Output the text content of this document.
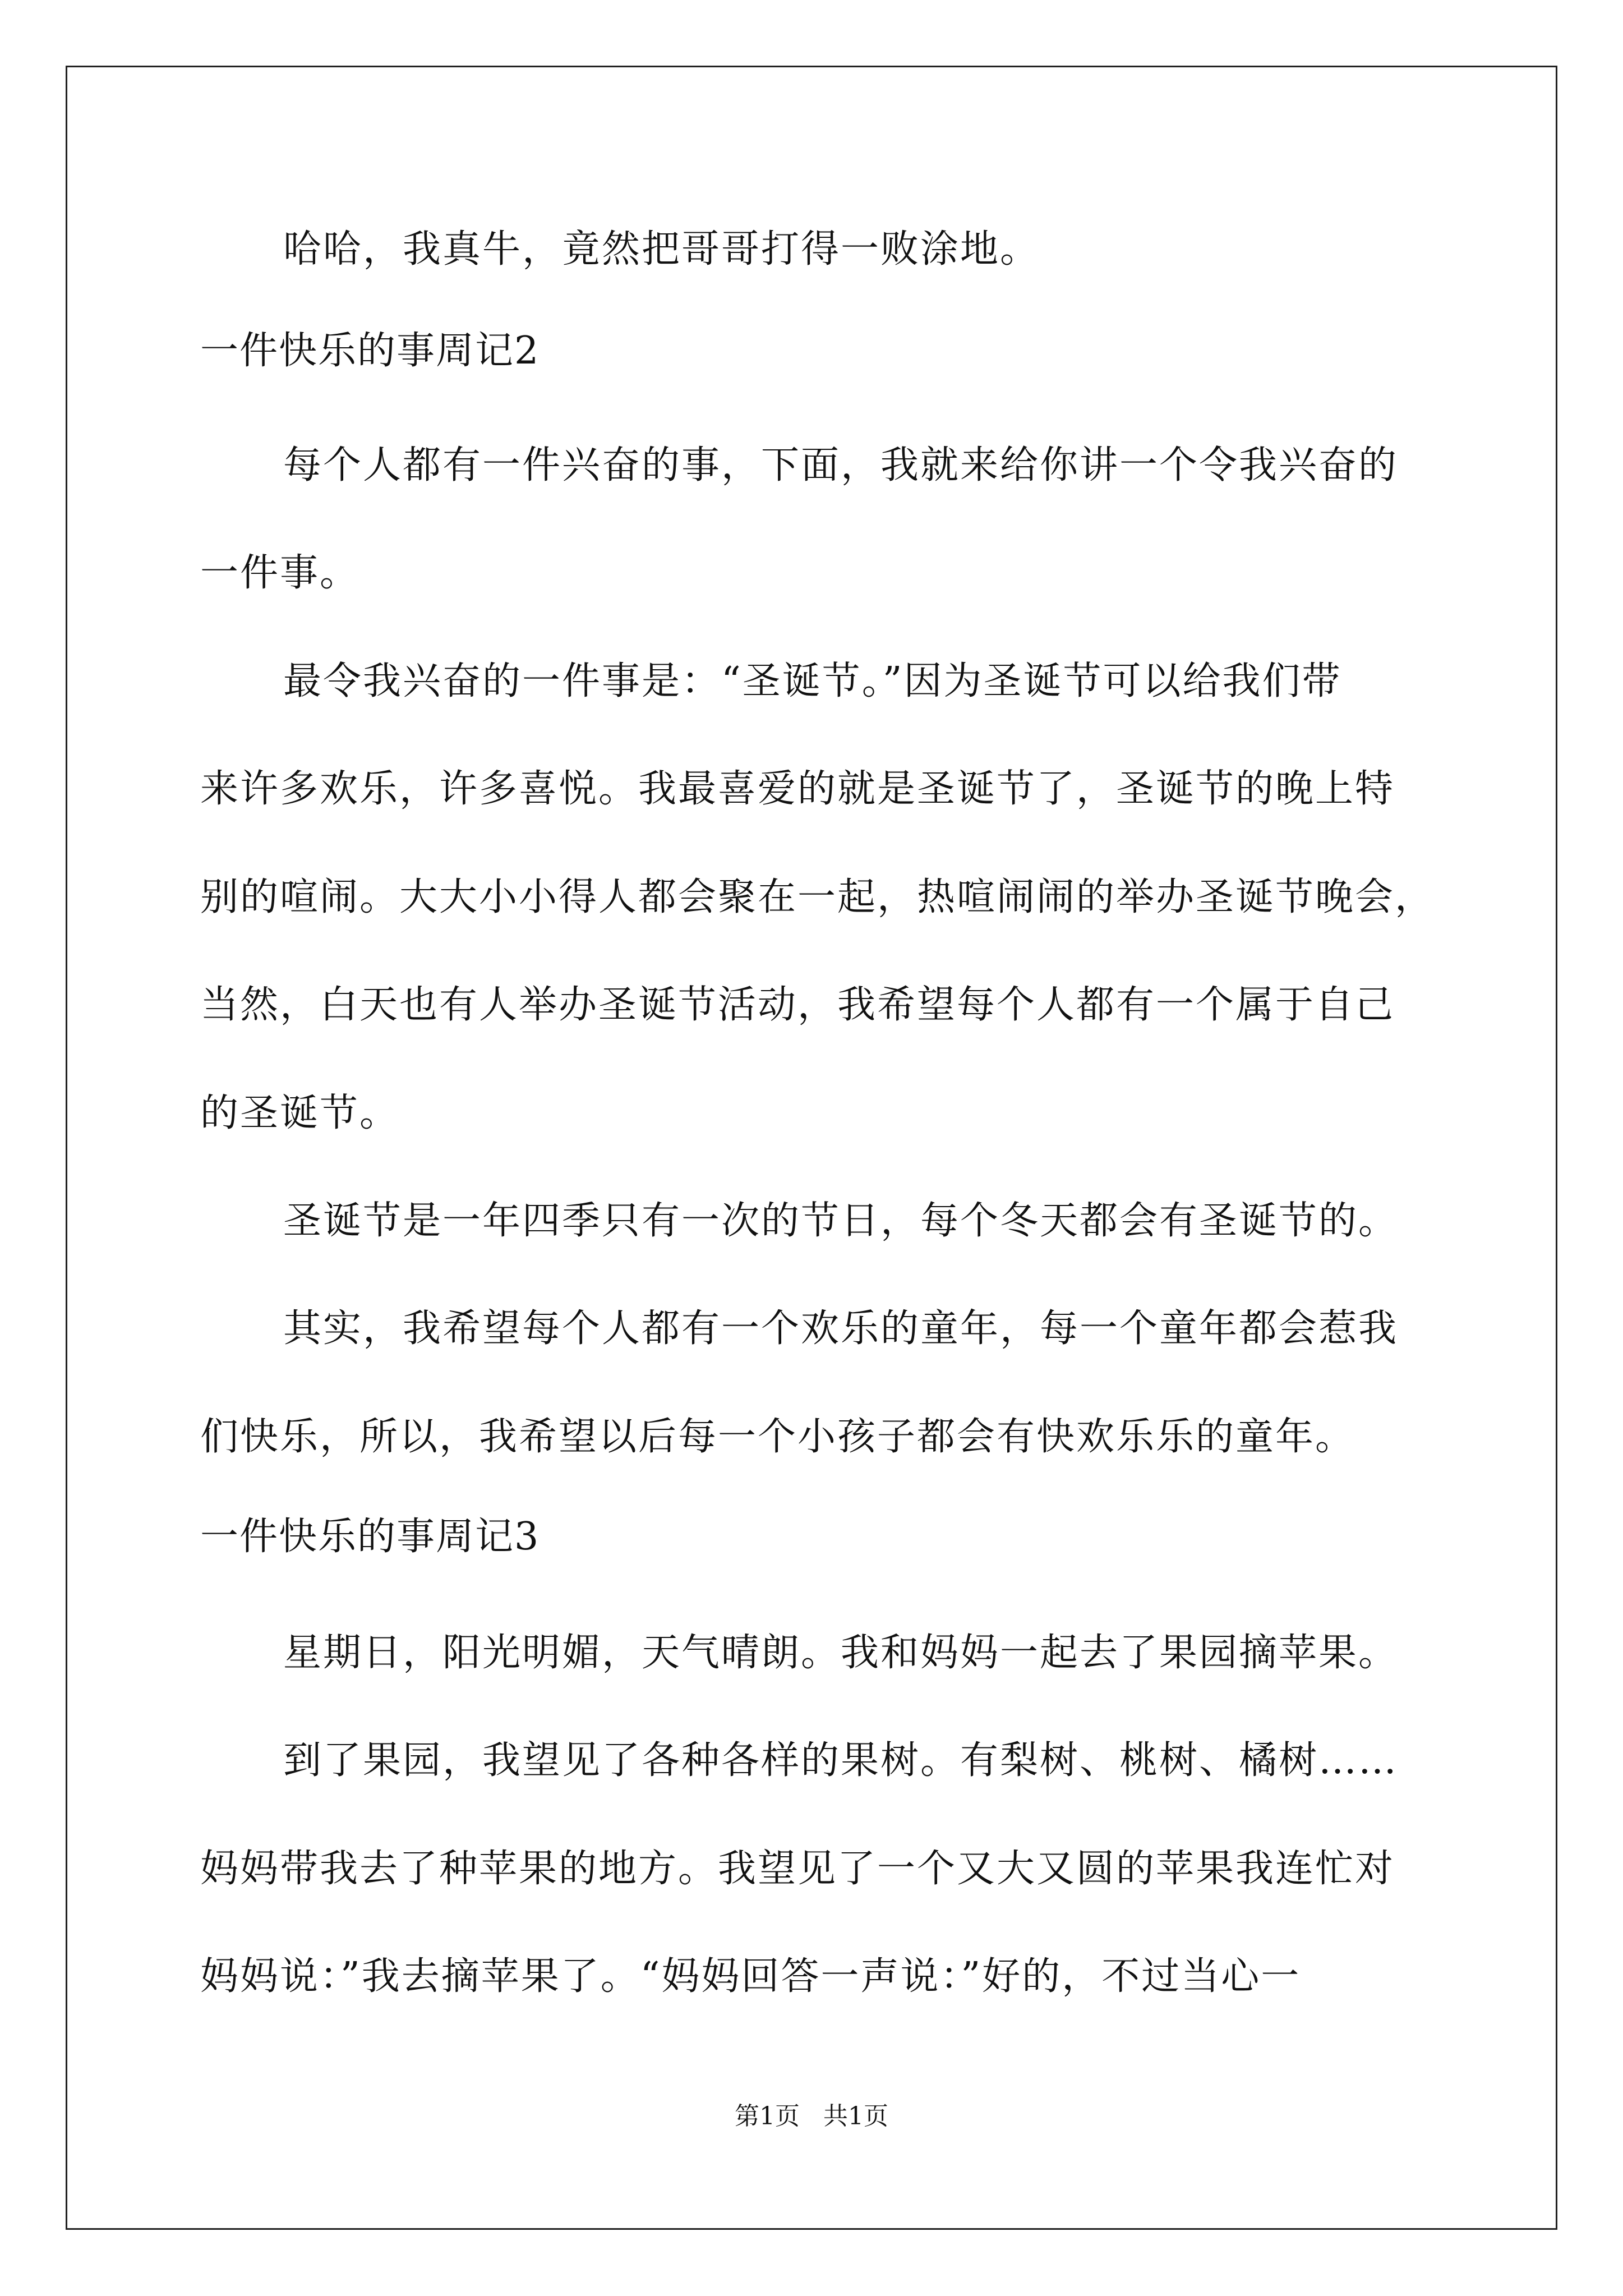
哈哈，我真牛，竟然把哥哥打得一败涂地。
一件快乐的事周记2
每个人都有一件兴奋的事，下面，我就来给你讲一个令我兴奋的
一件事。
最令我兴奋的一件事是：“圣诞节。”因为圣诞节可以给我们带
来许多欢乐，许多喜悦。我最喜爱的就是圣诞节了，圣诞节的晚上特
别的喧闹。大大小小得人都会聚在一起，热喧闹闹的举办圣诞节晚会，
当然，白天也有人举办圣诞节活动，我希望每个人都有一个属于自己
的圣诞节。
圣诞节是一年四季只有一次的节日，每个冬天都会有圣诞节的。
其实，我希望每个人都有一个欢乐的童年，每一个童年都会惹我
们快乐，所以，我希望以后每一个小孩子都会有快欢乐乐的童年。
一件快乐的事周记3
星期日，阳光明媚，天气晴朗。我和妈妈一起去了果园摘苹果。
到了果园，我望见了各种各样的果树。有梨树、桃树、橘树……
妈妈带我去了种苹果的地方。我望见了一个又大又圆的苹果我连忙对
妈妈说：”我去摘苹果了。“妈妈回答一声说：”好的，不过当心一
第1页   共1页
